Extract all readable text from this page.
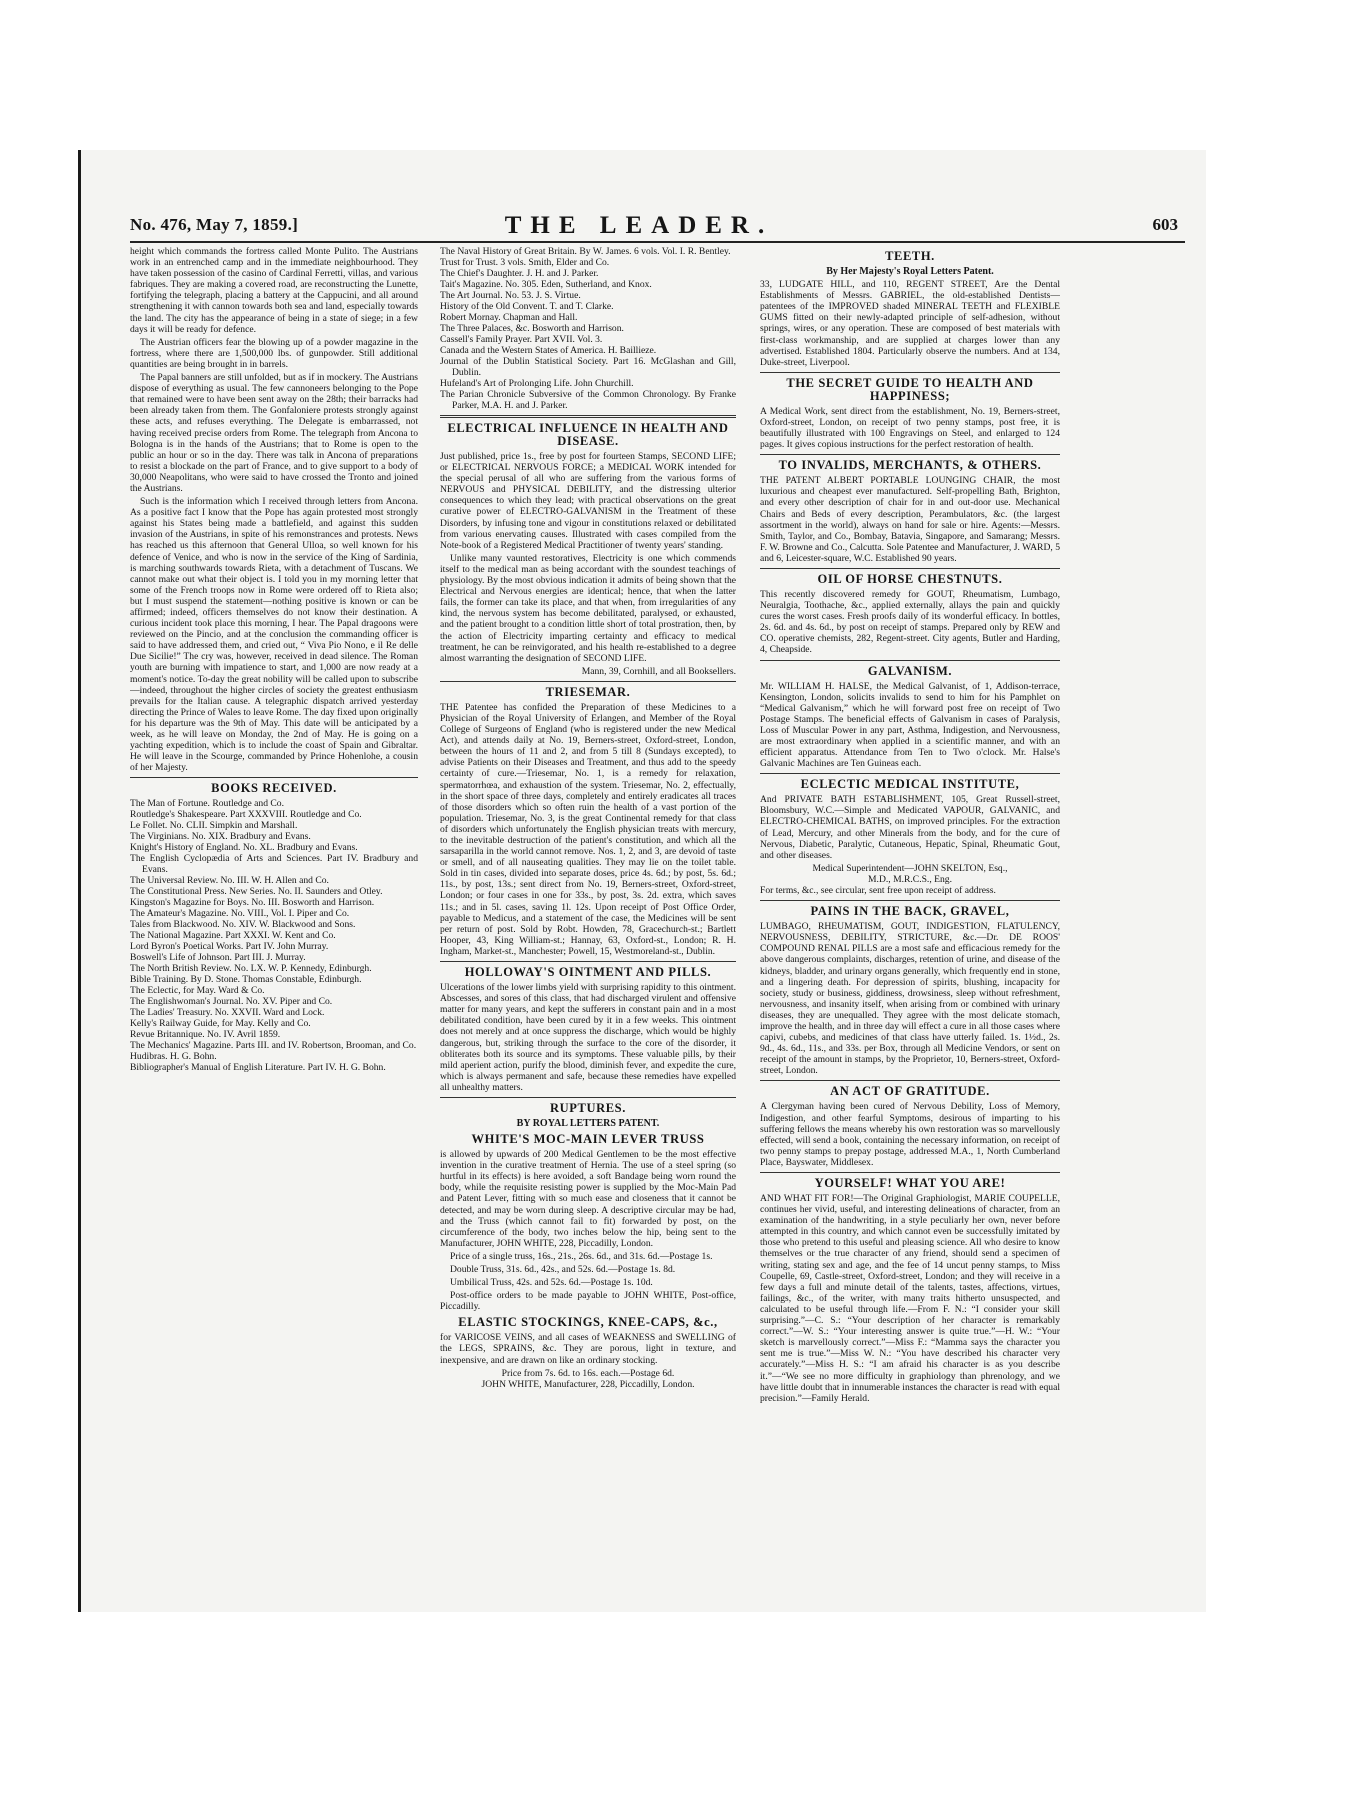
No. 476, May 7, 1859.]	THE LEADER.	603

height which commands the fortress called Monte Pulito. The Austrians work in an entrenched camp and in the immediate neighbourhood. They have taken possession of the casino of Cardinal Ferretti, villas, and various fabriques. They are making a covered road, are reconstructing the Lunette, fortifying the telegraph, placing a battery at the Cappucini, and all around strengthening it with cannon towards both sea and land, especially towards the land. The city has the appearance of being in a state of siege; in a few days it will be ready for defence.

The Austrian officers fear the blowing up of a powder magazine in the fortress, where there are 1,500,000 lbs. of gunpowder. Still additional quantities are being brought in in barrels.

The Papal banners are still unfolded, but as if in mockery. The Austrians dispose of everything as usual. The few cannoneers belonging to the Pope that remained were to have been sent away on the 28th; their barracks had been already taken from them. The Gonfaloniere protests strongly against these acts, and refuses everything. The Delegate is embarrassed, not having received precise orders from Rome. The telegraph from Ancona to Bologna is in the hands of the Austrians; that to Rome is open to the public an hour or so in the day. There was talk in Ancona of preparations to resist a blockade on the part of France, and to give support to a body of 30,000 Neapolitans, who were said to have crossed the Tronto and joined the Austrians.

Such is the information which I received through letters from Ancona. As a positive fact I know that the Pope has again protested most strongly against his States being made a battlefield, and against this sudden invasion of the Austrians, in spite of his remonstrances and protests. News has reached us this afternoon that General Ulloa, so well known for his defence of Venice, and who is now in the service of the King of Sardinia, is marching southwards towards Rieta, with a detachment of Tuscans. We cannot make out what their object is. I told you in my morning letter that some of the French troops now in Rome were ordered off to Rieta also; but I must suspend the statement—nothing positive is known or can be affirmed; indeed, officers themselves do not know their destination. A curious incident took place this morning, I hear. The Papal dragoons were reviewed on the Pincio, and at the conclusion the commanding officer is said to have addressed them, and cried out, “ Viva Pio Nono, e il Re delle Due Sicilie!” The cry was, however, received in dead silence. The Roman youth are burning with impatience to start, and 1,000 are now ready at a moment's notice. To-day the great nobility will be called upon to subscribe—indeed, throughout the higher circles of society the greatest enthusiasm prevails for the Italian cause. A telegraphic dispatch arrived yesterday directing the Prince of Wales to leave Rome. The day fixed upon originally for his departure was the 9th of May. This date will be anticipated by a week, as he will leave on Monday, the 2nd of May. He is going on a yachting expedition, which is to include the coast of Spain and Gibraltar. He will leave in the Scourge, commanded by Prince Hohenlohe, a cousin of her Majesty.

BOOKS RECEIVED.
The Man of Fortune. Routledge and Co.
Routledge's Shakespeare. Part XXXVIII. Routledge and Co.
Le Follet. No. CLII. Simpkin and Marshall.
The Virginians. No. XIX. Bradbury and Evans.
Knight's History of England. No. XL. Bradbury and Evans.
The English Cyclopædia of Arts and Sciences. Part IV. Bradbury and Evans.
The Universal Review. No. III. W. H. Allen and Co.
The Constitutional Press. New Series. No. II. Saunders and Otley.
Kingston's Magazine for Boys. No. III. Bosworth and Harrison.
The Amateur's Magazine. No. VIII., Vol. I. Piper and Co.
Tales from Blackwood. No. XIV. W. Blackwood and Sons.
The National Magazine. Part XXXI. W. Kent and Co.
Lord Byron's Poetical Works. Part IV. John Murray.
Boswell's Life of Johnson. Part III. J. Murray.
The North British Review. No. LX. W. P. Kennedy, Edinburgh.
Bible Training. By D. Stone. Thomas Constable, Edinburgh.
The Eclectic, for May. Ward & Co.
The Englishwoman's Journal. No. XV. Piper and Co.
The Ladies' Treasury. No. XXVII. Ward and Lock.
Kelly's Railway Guide, for May. Kelly and Co.
Revue Britannique. No. IV. Avril 1859.
The Mechanics' Magazine. Parts III. and IV. Robertson, Brooman, and Co.
Hudibras. H. G. Bohn.
Bibliographer's Manual of English Literature. Part IV. H. G. Bohn.
The Naval History of Great Britain. By W. James. 6 vols. Vol. I. R. Bentley.
Trust for Trust. 3 vols. Smith, Elder and Co.
The Chief's Daughter. J. H. and J. Parker.
Tait's Magazine. No. 305. Eden, Sutherland, and Knox.
The Art Journal. No. 53. J. S. Virtue.
History of the Old Convent. T. and T. Clarke.
Robert Mornay. Chapman and Hall.
The Three Palaces, &c. Bosworth and Harrison.
Cassell's Family Prayer. Part XVII. Vol. 3.
Canada and the Western States of America. H. Baillieze.
Journal of the Dublin Statistical Society. Part 16. McGlashan and Gill, Dublin.
Hufeland's Art of Prolonging Life. John Churchill.
The Parian Chronicle Subversive of the Common Chronology. By Franke Parker, M.A. H. and J. Parker.
ELECTRICAL INFLUENCE IN HEALTH AND DISEASE.

Just published, price 1s., free by post for fourteen Stamps, SECOND LIFE; or ELECTRICAL NERVOUS FORCE; a MEDICAL WORK intended for the special perusal of all who are suffering from the various forms of NERVOUS and PHYSICAL DEBILITY, and the distressing ulterior consequences to which they lead; with practical observations on the great curative power of ELECTRO-GALVANISM in the Treatment of these Disorders, by infusing tone and vigour in constitutions relaxed or debilitated from various enervating causes. Illustrated with cases compiled from the Note-book of a Registered Medical Practitioner of twenty years' standing.

Unlike many vaunted restoratives, Electricity is one which commends itself to the medical man as being accordant with the soundest teachings of physiology. By the most obvious indication it admits of being shown that the Electrical and Nervous energies are identical; hence, that when the latter fails, the former can take its place, and that when, from irregularities of any kind, the nervous system has become debilitated, paralysed, or exhausted, and the patient brought to a condition little short of total prostration, then, by the action of Electricity imparting certainty and efficacy to medical treatment, he can be reinvigorated, and his health re-established to a degree almost warranting the designation of SECOND LIFE.

Mann, 39, Cornhill, and all Booksellers.
TRIESEMAR.

THE Patentee has confided the Preparation of these Medicines to a Physician of the Royal University of Erlangen, and Member of the Royal College of Surgeons of England (who is registered under the new Medical Act), and attends daily at No. 19, Berners-street, Oxford-street, London, between the hours of 11 and 2, and from 5 till 8 (Sundays excepted), to advise Patients on their Diseases and Treatment, and thus add to the speedy certainty of cure.—Triesemar, No. 1, is a remedy for relaxation, spermatorrhœa, and exhaustion of the system. Triesemar, No. 2, effectually, in the short space of three days, completely and entirely eradicates all traces of those disorders which so often ruin the health of a vast portion of the population. Triesemar, No. 3, is the great Continental remedy for that class of disorders which unfortunately the English physician treats with mercury, to the inevitable destruction of the patient's constitution, and which all the sarsaparilla in the world cannot remove. Nos. 1, 2, and 3, are devoid of taste or smell, and of all nauseating qualities. They may lie on the toilet table. Sold in tin cases, divided into separate doses, price 4s. 6d.; by post, 5s. 6d.; 11s., by post, 13s.; sent direct from No. 19, Berners-street, Oxford-street, London; or four cases in one for 33s., by post, 3s. 2d. extra, which saves 11s.; and in 5l. cases, saving 1l. 12s. Upon receipt of Post Office Order, payable to Medicus, and a statement of the case, the Medicines will be sent per return of post. Sold by Robt. Howden, 78, Gracechurch-st.; Bartlett Hooper, 43, King William-st.; Hannay, 63, Oxford-st., London; R. H. Ingham, Market-st., Manchester; Powell, 15, Westmoreland-st., Dublin.

HOLLOWAY'S OINTMENT AND PILLS.

Ulcerations of the lower limbs yield with surprising rapidity to this ointment. Abscesses, and sores of this class, that had discharged virulent and offensive matter for many years, and kept the sufferers in constant pain and in a most debilitated condition, have been cured by it in a few weeks. This ointment does not merely and at once suppress the discharge, which would be highly dangerous, but, striking through the surface to the core of the disorder, it obliterates both its source and its symptoms. These valuable pills, by their mild aperient action, purify the blood, diminish fever, and expedite the cure, which is always permanent and safe, because these remedies have expelled all unhealthy matters.

RUPTURES.
BY ROYAL LETTERS PATENT.
WHITE'S MOC-MAIN LEVER TRUSS

is allowed by upwards of 200 Medical Gentlemen to be the most effective invention in the curative treatment of Hernia. The use of a steel spring (so hurtful in its effects) is here avoided, a soft Bandage being worn round the body, while the requisite resisting power is supplied by the Moc-Main Pad and Patent Lever, fitting with so much ease and closeness that it cannot be detected, and may be worn during sleep. A descriptive circular may be had, and the Truss (which cannot fail to fit) forwarded by post, on the circumference of the body, two inches below the hip, being sent to the Manufacturer, JOHN WHITE, 228, Piccadilly, London.

Price of a single truss, 16s., 21s., 26s. 6d., and 31s. 6d.—Postage 1s.

Double Truss, 31s. 6d., 42s., and 52s. 6d.—Postage 1s. 8d.

Umbilical Truss, 42s. and 52s. 6d.—Postage 1s. 10d.

Post-office orders to be made payable to JOHN WHITE, Post-office, Piccadilly.

ELASTIC STOCKINGS, KNEE-CAPS, &c.,

for VARICOSE VEINS, and all cases of WEAKNESS and SWELLING of the LEGS, SPRAINS, &c. They are porous, light in texture, and inexpensive, and are drawn on like an ordinary stocking.

Price from 7s. 6d. to 16s. each.—Postage 6d.
JOHN WHITE, Manufacturer, 228, Piccadilly, London.
TEETH.
By Her Majesty's Royal Letters Patent.

33, LUDGATE HILL, and 110, REGENT STREET, Are the Dental Establishments of Messrs. GABRIEL, the old-established Dentists—patentees of the IMPROVED shaded MINERAL TEETH and FLEXIBLE GUMS fitted on their newly-adapted principle of self-adhesion, without springs, wires, or any operation. These are composed of best materials with first-class workmanship, and are supplied at charges lower than any advertised. Established 1804. Particularly observe the numbers. And at 134, Duke-street, Liverpool.

THE SECRET GUIDE TO HEALTH AND HAPPINESS;

A Medical Work, sent direct from the establishment, No. 19, Berners-street, Oxford-street, London, on receipt of two penny stamps, post free, it is beautifully illustrated with 100 Engravings on Steel, and enlarged to 124 pages. It gives copious instructions for the perfect restoration of health.

TO INVALIDS, MERCHANTS, & OTHERS.

THE PATENT ALBERT PORTABLE LOUNGING CHAIR, the most luxurious and cheapest ever manufactured. Self-propelling Bath, Brighton, and every other description of chair for in and out-door use. Mechanical Chairs and Beds of every description, Perambulators, &c. (the largest assortment in the world), always on hand for sale or hire. Agents:—Messrs. Smith, Taylor, and Co., Bombay, Batavia, Singapore, and Samarang; Messrs. F. W. Browne and Co., Calcutta. Sole Patentee and Manufacturer, J. WARD, 5 and 6, Leicester-square, W.C. Established 90 years.

OIL OF HORSE CHESTNUTS.

This recently discovered remedy for GOUT, Rheumatism, Lumbago, Neuralgia, Toothache, &c., applied externally, allays the pain and quickly cures the worst cases. Fresh proofs daily of its wonderful efficacy. In bottles, 2s. 6d. and 4s. 6d., by post on receipt of stamps. Prepared only by REW and CO. operative chemists, 282, Regent-street. City agents, Butler and Harding, 4, Cheapside.

GALVANISM.

Mr. WILLIAM H. HALSE, the Medical Galvanist, of 1, Addison-terrace, Kensington, London, solicits invalids to send to him for his Pamphlet on “Medical Galvanism,” which he will forward post free on receipt of Two Postage Stamps. The beneficial effects of Galvanism in cases of Paralysis, Loss of Muscular Power in any part, Asthma, Indigestion, and Nervousness, are most extraordinary when applied in a scientific manner, and with an efficient apparatus. Attendance from Ten to Two o'clock. Mr. Halse's Galvanic Machines are Ten Guineas each.

ECLECTIC MEDICAL INSTITUTE,

And PRIVATE BATH ESTABLISHMENT, 105, Great Russell-street, Bloomsbury, W.C.—Simple and Medicated VAPOUR, GALVANIC, and ELECTRO-CHEMICAL BATHS, on improved principles. For the extraction of Lead, Mercury, and other Minerals from the body, and for the cure of Nervous, Diabetic, Paralytic, Cutaneous, Hepatic, Spinal, Rheumatic Gout, and other diseases.

Medical Superintendent—JOHN SKELTON, Esq.,
M.D., M.R.C.S., Eng.

For terms, &c., see circular, sent free upon receipt of address.

PAINS IN THE BACK, GRAVEL,

LUMBAGO, RHEUMATISM, GOUT, INDIGESTION, FLATULENCY, NERVOUSNESS, DEBILITY, STRICTURE, &c.—Dr. DE ROOS' COMPOUND RENAL PILLS are a most safe and efficacious remedy for the above dangerous complaints, discharges, retention of urine, and disease of the kidneys, bladder, and urinary organs generally, which frequently end in stone, and a lingering death. For depression of spirits, blushing, incapacity for society, study or business, giddiness, drowsiness, sleep without refreshment, nervousness, and insanity itself, when arising from or combined with urinary diseases, they are unequalled. They agree with the most delicate stomach, improve the health, and in three day will effect a cure in all those cases where capivi, cubebs, and medicines of that class have utterly failed. 1s. 1½d., 2s. 9d., 4s. 6d., 11s., and 33s. per Box, through all Medicine Vendors, or sent on receipt of the amount in stamps, by the Proprietor, 10, Berners-street, Oxford-street, London.

AN ACT OF GRATITUDE.

A Clergyman having been cured of Nervous Debility, Loss of Memory, Indigestion, and other fearful Symptoms, desirous of imparting to his suffering fellows the means whereby his own restoration was so marvellously effected, will send a book, containing the necessary information, on receipt of two penny stamps to prepay postage, addressed M.A., 1, North Cumberland Place, Bayswater, Middlesex.

YOURSELF! WHAT YOU ARE!

AND WHAT FIT FOR!—The Original Graphiologist, MARIE COUPELLE, continues her vivid, useful, and interesting delineations of character, from an examination of the handwriting, in a style peculiarly her own, never before attempted in this country, and which cannot even be successfully imitated by those who pretend to this useful and pleasing science. All who desire to know themselves or the true character of any friend, should send a specimen of writing, stating sex and age, and the fee of 14 uncut penny stamps, to Miss Coupelle, 69, Castle-street, Oxford-street, London; and they will receive in a few days a full and minute detail of the talents, tastes, affections, virtues, failings, &c., of the writer, with many traits hitherto unsuspected, and calculated to be useful through life.—From F. N.: “I consider your skill surprising.”—C. S.: “Your description of her character is remarkably correct.”—W. S.: “Your interesting answer is quite true.”—H. W.: “Your sketch is marvellously correct.”—Miss F.: “Mamma says the character you sent me is true.”—Miss W. N.: “You have described his character very accurately.”—Miss H. S.: “I am afraid his character is as you describe it.”—“We see no more difficulty in graphiology than phrenology, and we have little doubt that in innumerable instances the character is read with equal precision.”—Family Herald.
